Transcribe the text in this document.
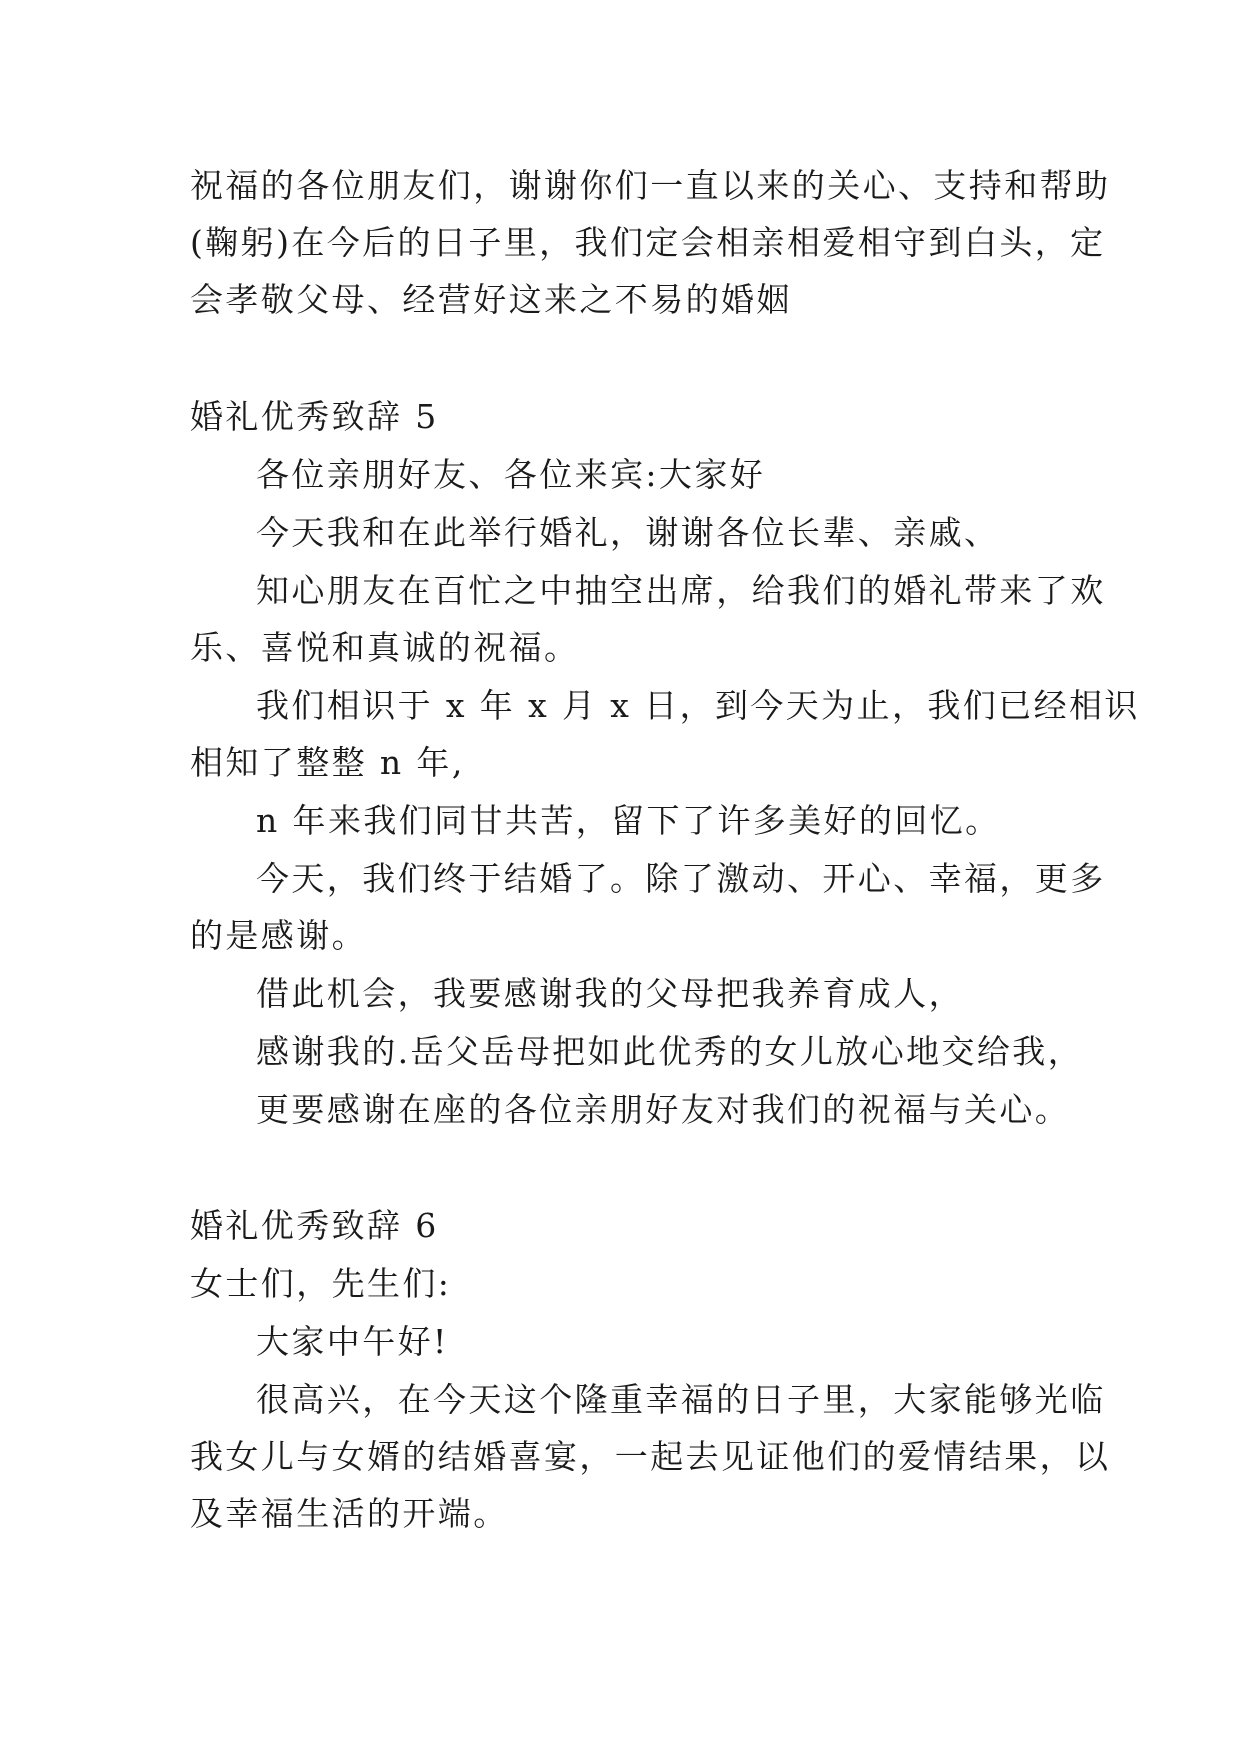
祝福的各位朋友们，谢谢你们一直以来的关心、支持和帮助
(鞠躬)在今后的日子里，我们定会相亲相爱相守到白头，定
会孝敬父母、经营好这来之不易的婚姻
婚礼优秀致辞 5
各位亲朋好友、各位来宾:大家好
今天我和在此举行婚礼，谢谢各位长辈、亲戚、
知心朋友在百忙之中抽空出席，给我们的婚礼带来了欢
乐、喜悦和真诚的祝福。
我们相识于 x 年 x 月 x 日，到今天为止，我们已经相识
相知了整整 n 年,
n 年来我们同甘共苦，留下了许多美好的回忆。
今天，我们终于结婚了。除了激动、开心、幸福，更多
的是感谢。
借此机会，我要感谢我的父母把我养育成人，
感谢我的.岳父岳母把如此优秀的女儿放心地交给我，
更要感谢在座的各位亲朋好友对我们的祝福与关心。
婚礼优秀致辞 6
女士们，先生们:
大家中午好!
很高兴，在今天这个隆重幸福的日子里，大家能够光临
我女儿与女婿的结婚喜宴，一起去见证他们的爱情结果，以
及幸福生活的开端。
